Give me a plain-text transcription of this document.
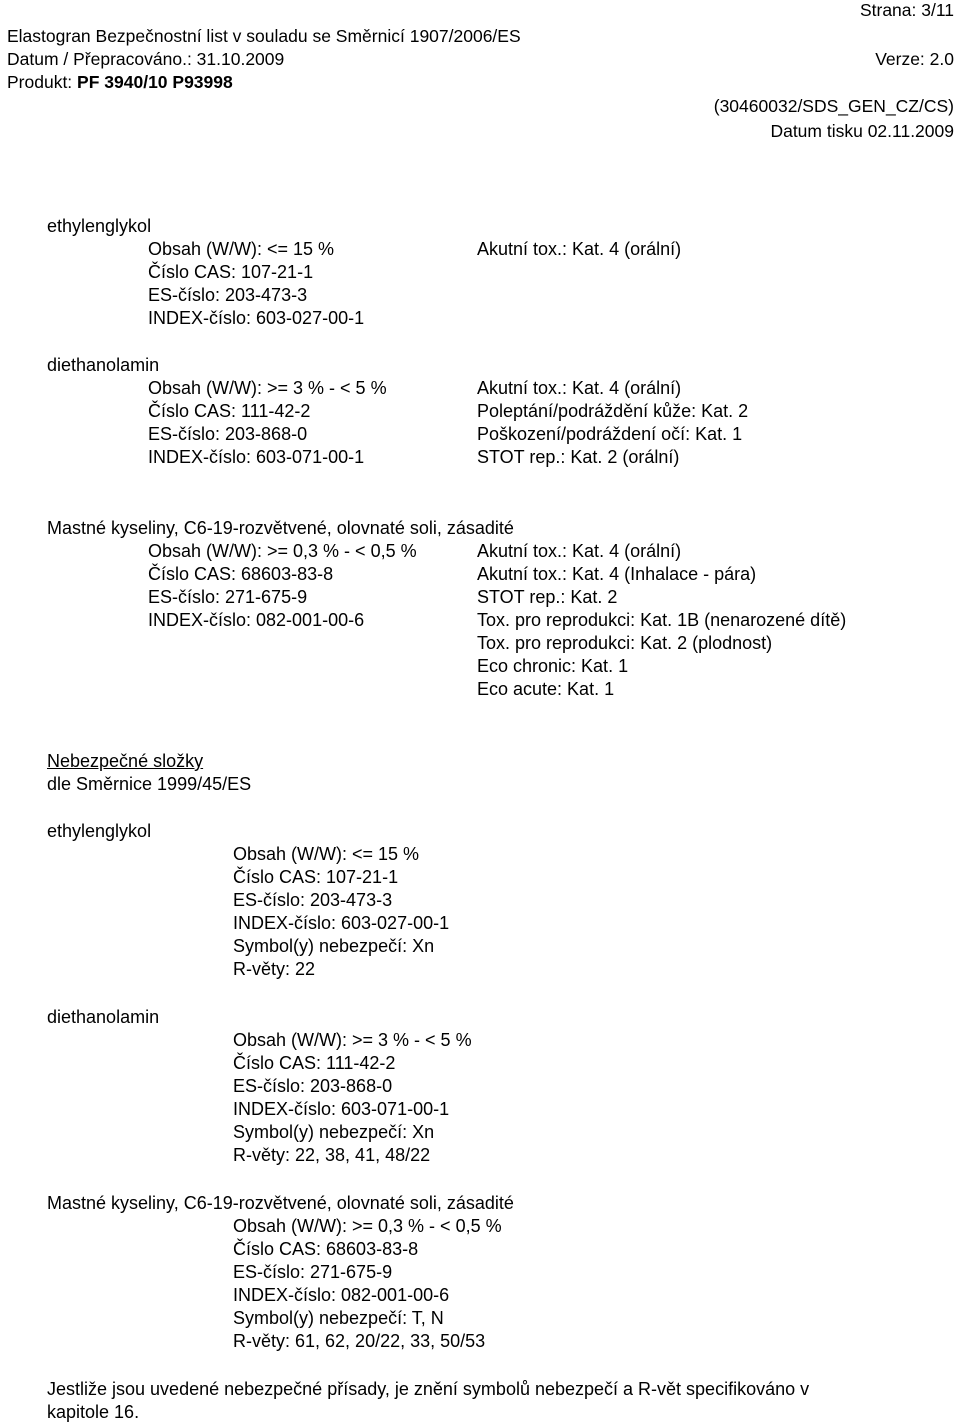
Strana: 3/11
Elastogran Bezpečnostní list v souladu se Směrnicí 1907/2006/ES
Datum / Přepracováno.: 31.10.2009	Verze: 2.0
Produkt: PF 3940/10 P93998
(30460032/SDS_GEN_CZ/CS)
Datum tisku 02.11.2009
ethylenglykol
Obsah (W/W): <= 15 %
Číslo CAS: 107-21-1
ES-číslo: 203-473-3
INDEX-číslo: 603-027-00-1
Akutní tox.: Kat. 4 (orální)
diethanolamin
Obsah (W/W): >= 3 % - < 5 %
Číslo CAS: 111-42-2
ES-číslo: 203-868-0
INDEX-číslo: 603-071-00-1
Akutní tox.: Kat. 4 (orální)
Poleptání/podráždění kůže: Kat. 2
Poškození/podráždení očí: Kat. 1
STOT rep.: Kat. 2 (orální)
Mastné kyseliny, C6-19-rozvětvené, olovnaté soli, zásadité
Obsah (W/W): >= 0,3 % - < 0,5 %
Číslo CAS: 68603-83-8
ES-číslo: 271-675-9
INDEX-číslo: 082-001-00-6
Akutní tox.: Kat. 4 (orální)
Akutní tox.: Kat. 4 (Inhalace - pára)
STOT rep.: Kat. 2
Tox. pro reprodukci: Kat. 1B (nenarozené dítě)
Tox. pro reprodukci: Kat. 2 (plodnost)
Eco chronic: Kat. 1
Eco acute: Kat. 1
Nebezpečné složky
dle Směrnice 1999/45/ES
ethylenglykol
Obsah (W/W): <= 15 %
Číslo CAS: 107-21-1
ES-číslo: 203-473-3
INDEX-číslo: 603-027-00-1
Symbol(y) nebezpečí: Xn
R-věty: 22
diethanolamin
Obsah (W/W): >= 3 % - < 5 %
Číslo CAS: 111-42-2
ES-číslo: 203-868-0
INDEX-číslo: 603-071-00-1
Symbol(y) nebezpečí: Xn
R-věty: 22, 38, 41, 48/22
Mastné kyseliny, C6-19-rozvětvené, olovnaté soli, zásadité
Obsah (W/W): >= 0,3 % - < 0,5 %
Číslo CAS: 68603-83-8
ES-číslo: 271-675-9
INDEX-číslo: 082-001-00-6
Symbol(y) nebezpečí: T, N
R-věty: 61, 62, 20/22, 33, 50/53
Jestliže jsou uvedené nebezpečné přísady, je znění symbolů nebezpečí a R-vět specifikováno v
kapitole 16.
